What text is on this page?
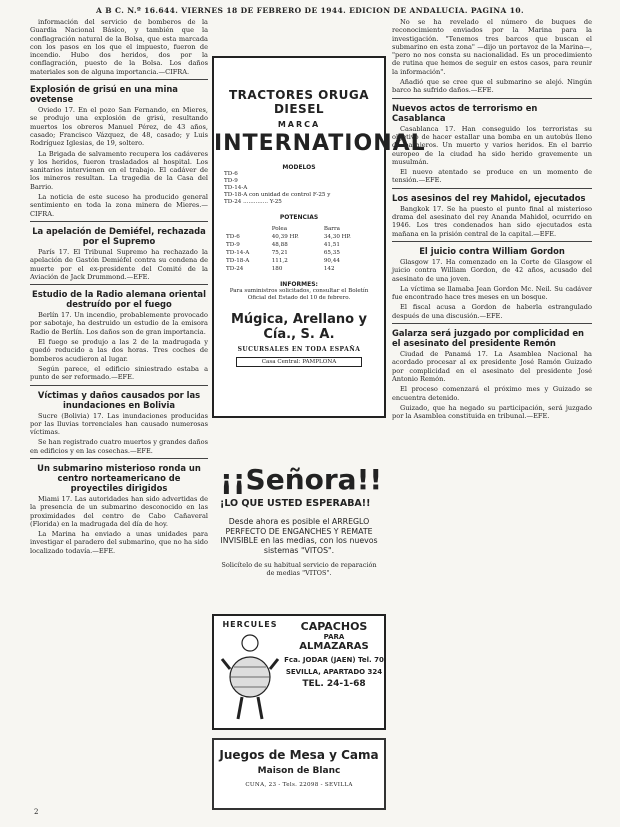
A B C. N.º 16.644. VIERNES 18 DE FEBRERO DE 1944. EDICION DE ANDALUCIA. PAGINA 10.

información del servicio de bomberos de la Guardia Nacional Básico, y también que la conflagración natural de la Bolsa, que esta marcada con los pasos en los que el impuesto, fueron de incendio. Hubo dos heridos, dos por la conflagración, puesto de la Bolsa. Los daños materiales son de alguna importancia.—CIFRA.

Explosión de grisú en una mina ovetense

Oviedo 17. En el pozo San Fernando, en Mieres, se produjo una explosión de grisú, resultando muertos los obreros Manuel Pérez, de 43 años, casado; Francisco Vázquez, de 48, casado; y Luis Rodríguez Iglesias, de 19, soltero.

La Brigada de salvamento recupera los cadáveres y los heridos, fueron trasladados al hospital. Los sanitarios intervienen en el trabajo. El cadáver de los mineros resultan. La tragedia de la Casa del Barrio.

La noticia de este suceso ha producido general sentimiento en toda la zona minera de Mieres.—CIFRA.

La apelación de Demiéfel, rechazada por el Supremo

París 17. El Tribunal Supremo ha rechazado la apelación de Gastón Demiéfel contra su condena de muerte por el ex-presidente del Comité de la Aviación de Jack Drummond.—EFE.

Estudio de la Radio alemana oriental destruído por el fuego

Berlín 17. Un incendio, probablemente provocado por sabotaje, ha destruido un estudio de la emisora Radio de Berlín. Los daños son de gran importancia.

El fuego se produjo a las 2 de la madrugada y quedó reducido a las dos horas. Tres coches de bomberos acudieron al lugar.

Según parece, el edificio siniestrado estaba a punto de ser reformado.—EFE.

Víctimas y daños causados por las inundaciones en Bolivia

Sucre (Bolivia) 17. Las inundaciones producidas por las lluvias torrenciales han causado numerosas víctimas.

Se han registrado cuatro muertos y grandes daños en edificios y en las cosechas.—EFE.

Un submarino misterioso ronda un centro norteamericano de proyectiles dirigidos

Miami 17. Las autoridades han sido advertidas de la presencia de un submarino desconocido en las proximidades del centro de Cabo Cañaveral (Florida) en la madrugada del día de hoy.

La Marina ha enviado a unas unidades para investigar el paradero del submarino, que no ha sido localizado todavía.—EFE.

TRACTORES ORUGA DIESEL
MARCA
INTERNATIONAL
MODELOS
TD-6
TD-9
TD-14-A
TD-18-A con unidad de control F-25 y
TD-24 .............. Y-25
POTENCIAS
	Polea	Barra
TD-6	40,39 HP.	34,30 HP.
TD-9	48,88	41,51
TD-14-A	75,21	65,35
TD-18-A	111,2	90,44
TD-24	180	142
INFORMES:
Para suministros solicitados, consultar el Boletín Oficial del Estado del 10 de febrero.
Múgica, Arellano y Cía., S. A.
SUCURSALES EN TODA ESPAÑA
Casa Central: PAMPLONA
¡¡Señora!!
¡LO QUE USTED ESPERABA!!
Desde ahora es posible el ARREGLO PERFECTO DE ENGANCHES Y REMATE INVISIBLE en las medias, con los nuevos sistemas "VITOS".
Solicítelo de su habitual servicio de reparación de medias "VITOS".
HERCULES	CAPACHOS
PARA
ALMAZARAS
Fca. JODAR (JAEN) Tel. 70
SEVILLA, APARTADO 324
TEL. 24-1-68
Juegos de Mesa y Cama
Maison de Blanc
CUNA, 23 - Tels. 22098 - SEVILLA

No se ha revelado el número de buques de reconocimiento enviados por la Marina para la investigación. "Tenemos tres barcos que buscan el submarino en esta zona" —dijo un portavoz de la Marina—, "pero no nos consta su nacionalidad. Es un procedimiento de rutina que hemos de seguir en estos casos, para reunir la información".

Añadió que se cree que el submarino se alejó. Ningún barco ha sufrido daños.—EFE.

Nuevos actos de terrorismo en Casablanca

Casablanca 17. Han conseguido los terroristas su objetivo de hacer estallar una bomba en un autobús lleno de pasajeros. Un muerto y varios heridos. En el barrio europeo de la ciudad ha sido herido gravemente un musulmán.

El nuevo atentado se produce en un momento de tensión.—EFE.

Los asesinos del rey Mahidol, ejecutados

Bangkok 17. Se ha puesto el punto final al misterioso drama del asesinato del rey Ananda Mahidol, ocurrido en 1946. Los tres condenados han sido ejecutados esta mañana en la prisión central de la capital.—EFE.

El juicio contra William Gordon

Glasgow 17. Ha comenzado en la Corte de Glasgow el juicio contra William Gordon, de 42 años, acusado del asesinato de una joven.

La víctima se llamaba Jean Gordon Mc. Neil. Su cadáver fue encontrado hace tres meses en un bosque.

El fiscal acusa a Gordon de haberla estrangulado después de una discusión.—EFE.

Galarza será juzgado por complicidad en el asesinato del presidente Remón

Ciudad de Panamá 17. La Asamblea Nacional ha acordado procesar al ex presidente José Ramón Guizado por complicidad en el asesinato del presidente José Antonio Remón.

El proceso comenzará el próximo mes y Guizado se encuentra detenido.

Guizado, que ha negado su participación, será juzgado por la Asamblea constituida en tribunal.—EFE.

2
